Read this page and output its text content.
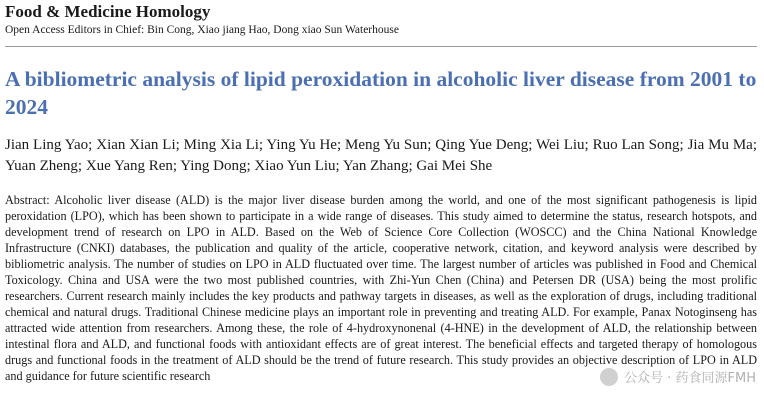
Food & Medicine Homology
Open Access Editors in Chief: Bin Cong, Xiao jiang Hao, Dong xiao Sun Waterhouse
A bibliometric analysis of lipid peroxidation in alcoholic liver disease from 2001 to 2024
Jian Ling Yao; Xian Xian Li; Ming Xia Li; Ying Yu He; Meng Yu Sun; Qing Yue Deng; Wei Liu; Ruo Lan Song; Jia Mu Ma; Yuan Zheng; Xue Yang Ren; Ying Dong; Xiao Yun Liu; Yan Zhang; Gai Mei She
Abstract: Alcoholic liver disease (ALD) is the major liver disease burden among the world, and one of the most significant pathogenesis is lipid peroxidation (LPO), which has been shown to participate in a wide range of diseases. This study aimed to determine the status, research hotspots, and development trend of research on LPO in ALD. Based on the Web of Science Core Collection (WOSCC) and the China National Knowledge Infrastructure (CNKI) databases, the publication and quality of the article, cooperative network, citation, and keyword analysis were described by bibliometric analysis. The number of studies on LPO in ALD fluctuated over time. The largest number of articles was published in Food and Chemical Toxicology. China and USA were the two most published countries, with Zhi-Yun Chen (China) and Petersen DR (USA) being the most prolific researchers. Current research mainly includes the key products and pathway targets in diseases, as well as the exploration of drugs, including traditional chemical and natural drugs. Traditional Chinese medicine plays an important role in preventing and treating ALD. For example, Panax Notoginseng has attracted wide attention from researchers. Among these, the role of 4-hydroxynonenal (4-HNE) in the development of ALD, the relationship between intestinal flora and ALD, and functional foods with antioxidant effects are of great interest. The beneficial effects and targeted therapy of homologous drugs and functional foods in the treatment of ALD should be the trend of future research. This study provides an objective description of LPO in ALD and guidance for future scientific research	公众号 · 药食同源FMH
